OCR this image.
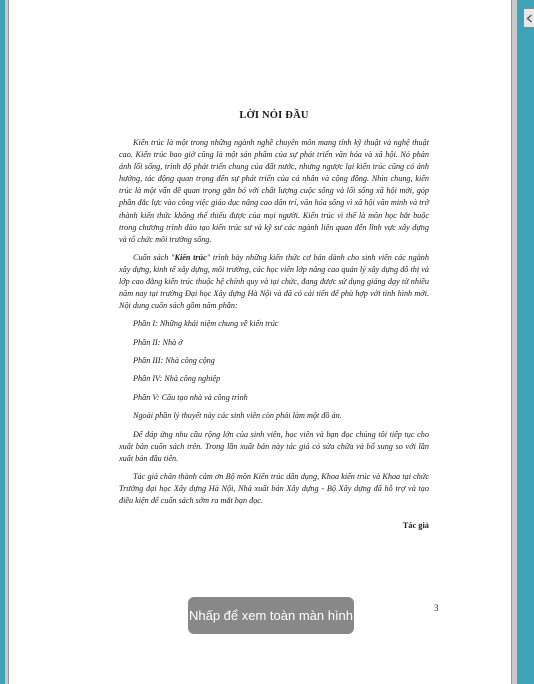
LỜI NÓI ĐẦU

Kiến trúc là một trong những ngành nghề chuyên môn mang tính kỹ thuật và nghệ thuật cao. Kiến trúc bao giờ cũng là một sản phẩm của sự phát triển văn hóa và xã hội. Nó phản ánh lối sống, trình độ phát triển chung của đất nước, nhưng ngược lại kiến trúc cũng có ảnh hưởng, tác động quan trọng đến sự phát triển của cá nhân và cộng đồng. Nhìn chung, kiến trúc là một vấn đề quan trọng gắn bó với chất lượng cuộc sống và lối sống xã hội mới, góp phần đắc lực vào công việc giáo dục nâng cao dân trí, văn hóa sống vì xã hội văn minh và trở thành kiến thức không thể thiếu được của mọi người. Kiến trúc vì thế là môn học bắt buộc trong chương trình đào tạo kiến trúc sư và kỹ sư các ngành liên quan đến lĩnh vực xây dựng và tổ chức môi trường sống.

Cuốn sách "Kiến trúc" trình bày những kiến thức cơ bản dành cho sinh viên các ngành xây dựng, kinh tế xây dựng, môi trường, các học viên lớp nâng cao quản lý xây dựng đô thị và lớp cao đẳng kiến trúc thuộc hệ chính quy và tại chức, đang được sử dụng giảng dạy từ nhiều năm nay tại trường Đại học Xây dựng Hà Nội và đã có cải tiến để phù hợp với tình hình mới. Nội dung cuốn sách gồm năm phần:

Phần I: Những khái niệm chung về kiến trúc
Phần II: Nhà ở
Phần III: Nhà công cộng
Phần IV: Nhà công nghiệp
Phần V: Cấu tạo nhà và công trình
Ngoài phần lý thuyết này các sinh viên còn phải làm một đồ án.

Để đáp ứng nhu cầu rộng lớn của sinh viên, học viên và bạn đọc chúng tôi tiếp tục cho xuất bản cuốn sách trên. Trong lần xuất bản này tác giả có sửa chữa và bổ sung so với lần xuất bản đầu tiên.

Tác giả chân thành cảm ơn Bộ môn Kiến trúc dân dụng, Khoa kiến trúc và Khoa tại chức Trường đại học Xây dựng Hà Nội, Nhà xuất bản Xây dựng - Bộ Xây dựng đã hỗ trợ và tạo điều kiện để cuốn sách sớm ra mắt bạn đọc.

Tác giả
3
Nhấp để xem toàn màn hình
